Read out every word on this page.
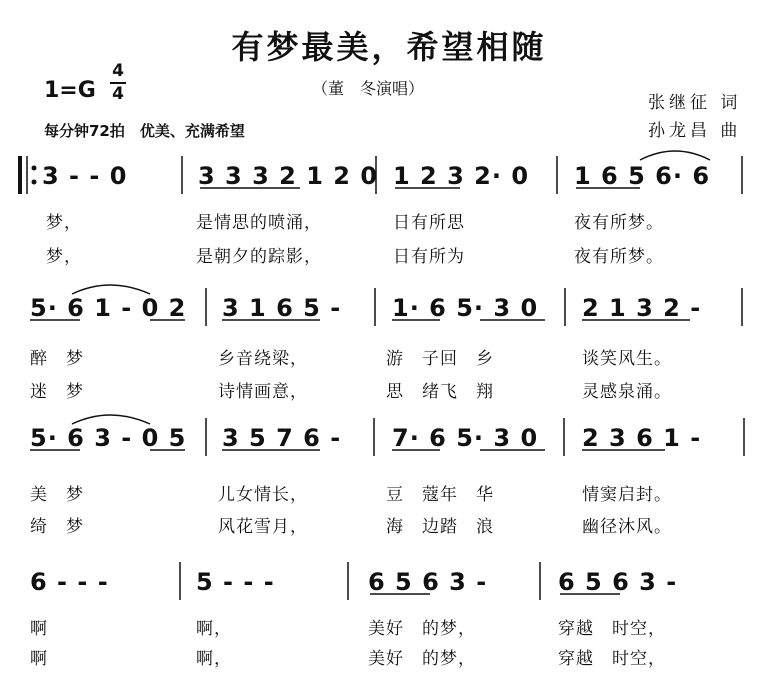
有梦最美，希望相随
1=G
4
4	（董　冬演唱）
每分钟72拍　优美、充满希望
张继征 词
孙龙昌 曲
3 - - 0	3 3 3 2 1 2 0 1 2 3 2· 0 1 6 5 6· 6
梦，	是情思的喷涌，	日有所思	夜有所梦。
梦，	是朝夕的踪影，	日有所为	夜有所梦。
5· 6 1 - 0 2 3 1 6 5 - 1· 6 5· 3 0 2 1 3 2 -
醉　梦	乡音绕梁，	游　子回　乡	谈笑风生。
迷　梦	诗情画意，	思　绪飞　翔	灵感泉涌。
5· 6 3 - 0 5 3 5 7 6 - 7· 6 5· 3 0 2 3 6 1 -
美　梦	儿女情长，	豆　蔻年　华	情窦启封。
绮　梦	风花雪月，	海　边踏　浪	幽径沐风。
6 - - -	5 - - -	6 5 6 3 -	6 5 6 3 -
啊	啊，	美好　的梦，	穿越　时空，
啊	啊，	美好　的梦，	穿越　时空，
